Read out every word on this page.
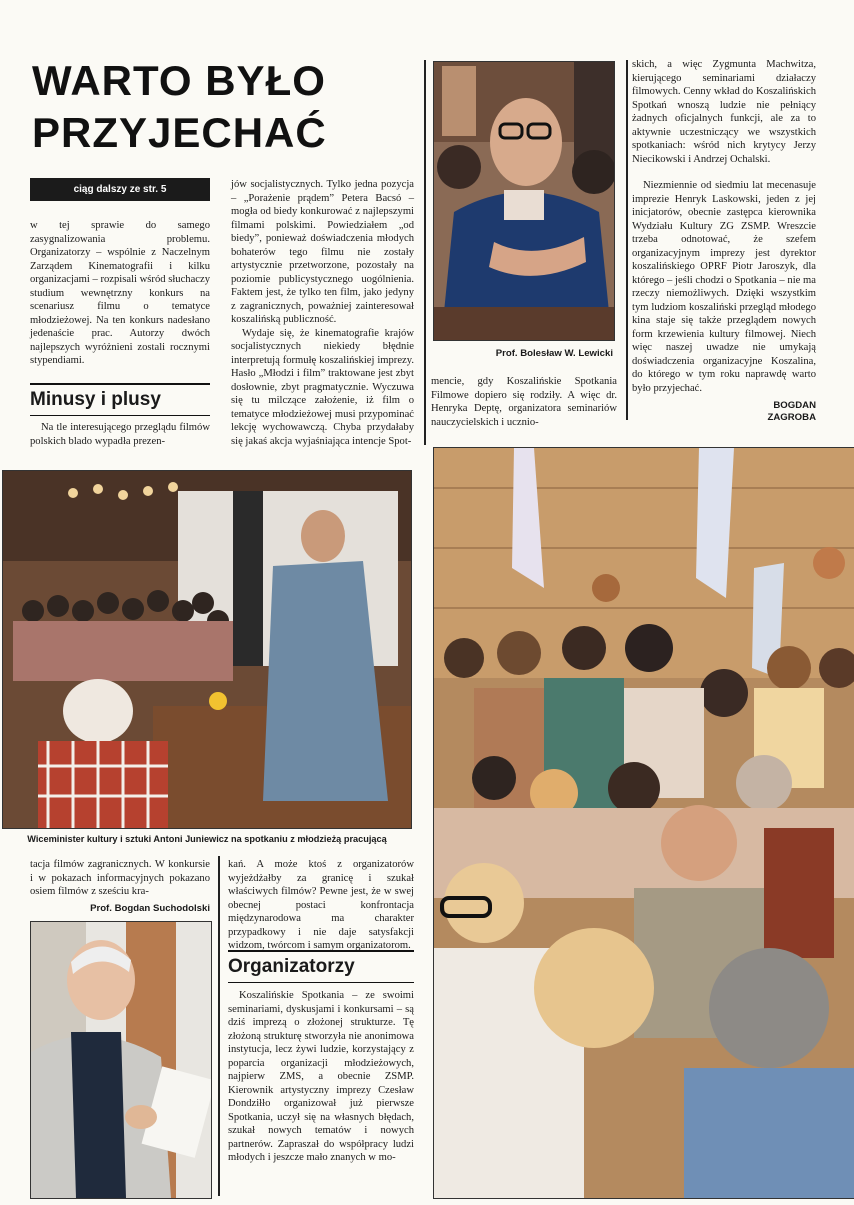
WARTO BYŁO
PRZYJECHAĆ
ciąg dalszy ze str. 5

w tej sprawie do samego zasygnalizowania problemu. Organizatorzy – wspólnie z Naczelnym Zarządem Kinematografii i kilku organizacjami – rozpisali wśród słuchaczy studium wewnętrzny konkurs na scenariusz filmu o tematyce młodzieżowej. Na ten konkurs nadesłano jedenaście prac. Autorzy dwóch najlepszych wyróżnieni zostali rocznymi stypendiami.

Minusy i plusy

Na tle interesującego przeglądu filmów polskich blado wypadła prezen-

jów socjalistycznych. Tylko jedna pozycja – „Porażenie prądem” Petera Bacsó – mogła od biedy konkurować z najlepszymi filmami polskimi. Powiedziałem „od biedy”, ponieważ doświadczenia młodych bohaterów tego filmu nie zostały artystycznie przetworzone, pozostały na poziomie publicystycznego uogólnienia. Faktem jest, że tylko ten film, jako jedyny z zagranicznych, poważniej zainteresował koszalińską publiczność.

Wydaje się, że kinematografie krajów socjalistycznych niekiedy błędnie interpretują formułę koszalińskiej imprezy. Hasło „Młodzi i film” traktowane jest zbyt dosłownie, zbyt pragmatycznie. Wyczuwa się tu milczące założenie, iż film o tematyce młodzieżowej musi przypominać lekcję wychowawczą. Chyba przydałaby się jakaś akcja wyjaśniająca intencje Spot-

Prof. Bolesław W. Lewicki

mencie, gdy Koszalińskie Spotkania Filmowe dopiero się rodziły. A więc dr. Henryka Deptę, organizatora seminariów nauczycielskich i ucznio-

skich, a więc Zygmunta Machwitza, kierującego seminariami działaczy filmowych. Cenny wkład do Koszalińskich Spotkań wnoszą ludzie nie pełniący żadnych oficjalnych funkcji, ale za to aktywnie uczestniczący we wszystkich spotkaniach: wśród nich krytycy Jerzy Niecikowski i Andrzej Ochalski.

Niezmiennie od siedmiu lat mecenasuje imprezie Henryk Laskowski, jeden z jej inicjatorów, obecnie zastępca kierownika Wydziału Kultury ZG ZSMP. Wreszcie trzeba odnotować, że szefem organizacyjnym imprezy jest dyrektor koszalińskiego OPRF Piotr Jaroszyk, dla którego – jeśli chodzi o Spotkania – nie ma rzeczy niemożliwych. Dzięki wszystkim tym ludziom koszaliński przegląd młodego kina staje się także przeglądem nowych form krzewienia kultury filmowej. Niech więc naszej uwadze nie umykają doświadczenia organizacyjne Koszalina, do którego w tym roku naprawdę warto było przyjechać.

BOGDAN
ZAGROBA
Wiceminister kultury i sztuki Antoni Juniewicz na spotkaniu z młodzieżą pracującą

tacja filmów zagranicznych. W konkursie i w pokazach informacyjnych pokazano osiem filmów z sześciu kra-

Prof. Bogdan Suchodolski

kań. A może ktoś z organizatorów wyjeżdżałby za granicę i szukał właściwych filmów? Pewne jest, że w swej obecnej postaci konfrontacja międzynarodowa ma charakter przypadkowy i nie daje satysfakcji widzom, twórcom i samym organizatorom.

Organizatorzy

Koszalińskie Spotkania – ze swoimi seminariami, dyskusjami i konkursami – są dziś imprezą o złożonej strukturze. Tę złożoną strukturę stworzyła nie anonimowa instytucja, lecz żywi ludzie, korzystający z poparcia organizacji młodzieżowych, najpierw ZMS, a obecnie ZSMP. Kierownik artystyczny imprezy Czesław Dondziłło organizował już pierwsze Spotkania, uczył się na własnych błędach, szukał nowych tematów i nowych partnerów. Zapraszał do współpracy ludzi młodych i jeszcze mało znanych w mo-
